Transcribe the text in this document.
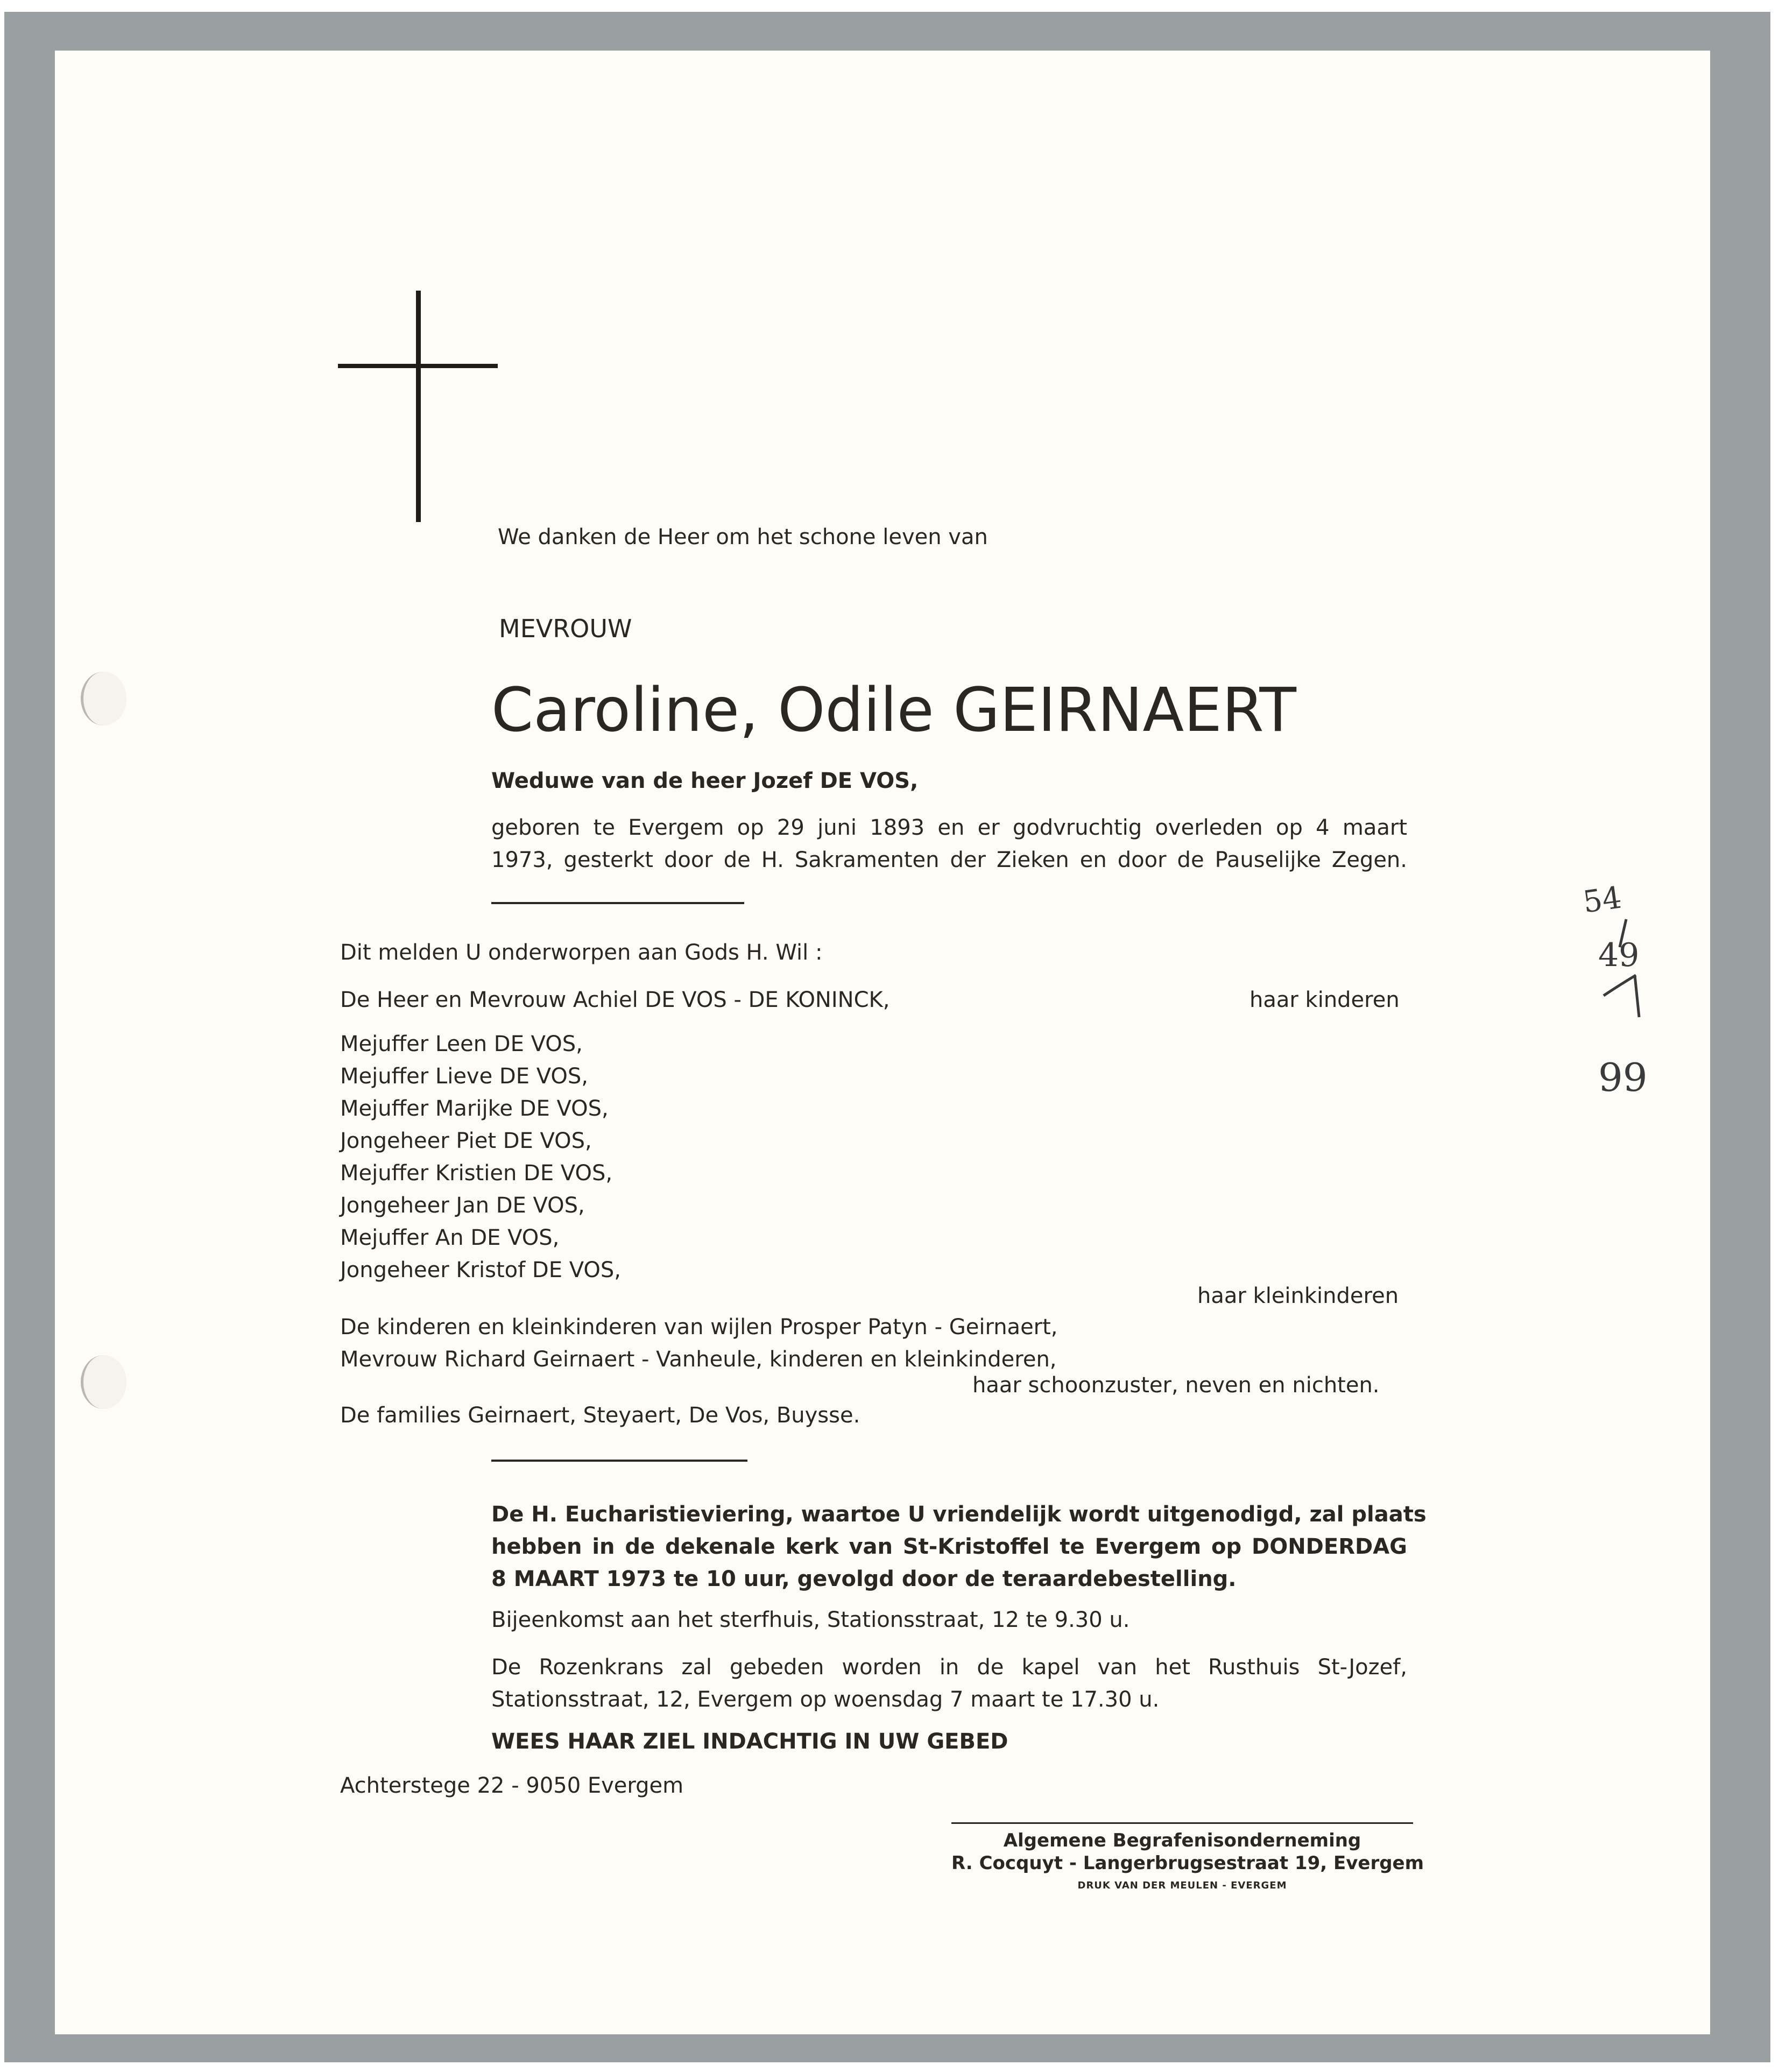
We danken de Heer om het schone leven van
MEVROUW
Caroline, Odile GEIRNAERT
Weduwe van de heer Jozef DE VOS,
geboren te Evergem op 29 juni 1893 en er godvruchtig overleden op 4 maart
1973, gesterkt door de H. Sakramenten der Zieken en door de Pauselijke Zegen.
Dit melden U onderworpen aan Gods H. Wil :
De Heer en Mevrouw Achiel DE VOS - DE KONINCK,	haar kinderen
Mejuffer Leen DE VOS,
Mejuffer Lieve DE VOS,
Mejuffer Marijke DE VOS,
Jongeheer Piet DE VOS,
Mejuffer Kristien DE VOS,
Jongeheer Jan DE VOS,
Mejuffer An DE VOS,
Jongeheer Kristof DE VOS,
haar kleinkinderen
De kinderen en kleinkinderen van wijlen Prosper Patyn - Geirnaert,
Mevrouw Richard Geirnaert - Vanheule, kinderen en kleinkinderen,
haar schoonzuster, neven en nichten.
De families Geirnaert, Steyaert, De Vos, Buysse.
De H. Eucharistieviering, waartoe U vriendelijk wordt uitgenodigd, zal plaats
hebben in de dekenale kerk van St-Kristoffel te Evergem op DONDERDAG
8 MAART 1973 te 10 uur, gevolgd door de teraardebestelling.
Bijeenkomst aan het sterfhuis, Stationsstraat, 12 te 9.30 u.
De Rozenkrans zal gebeden worden in de kapel van het Rusthuis St-Jozef,
Stationsstraat, 12, Evergem op woensdag 7 maart te 17.30 u.
WEES HAAR ZIEL INDACHTIG IN UW GEBED
Achterstege 22 - 9050 Evergem
Algemene Begrafenisonderneming
R. Cocquyt - Langerbrugsestraat 19, Evergem
DRUK VAN DER MEULEN - EVERGEM
54
49
99
